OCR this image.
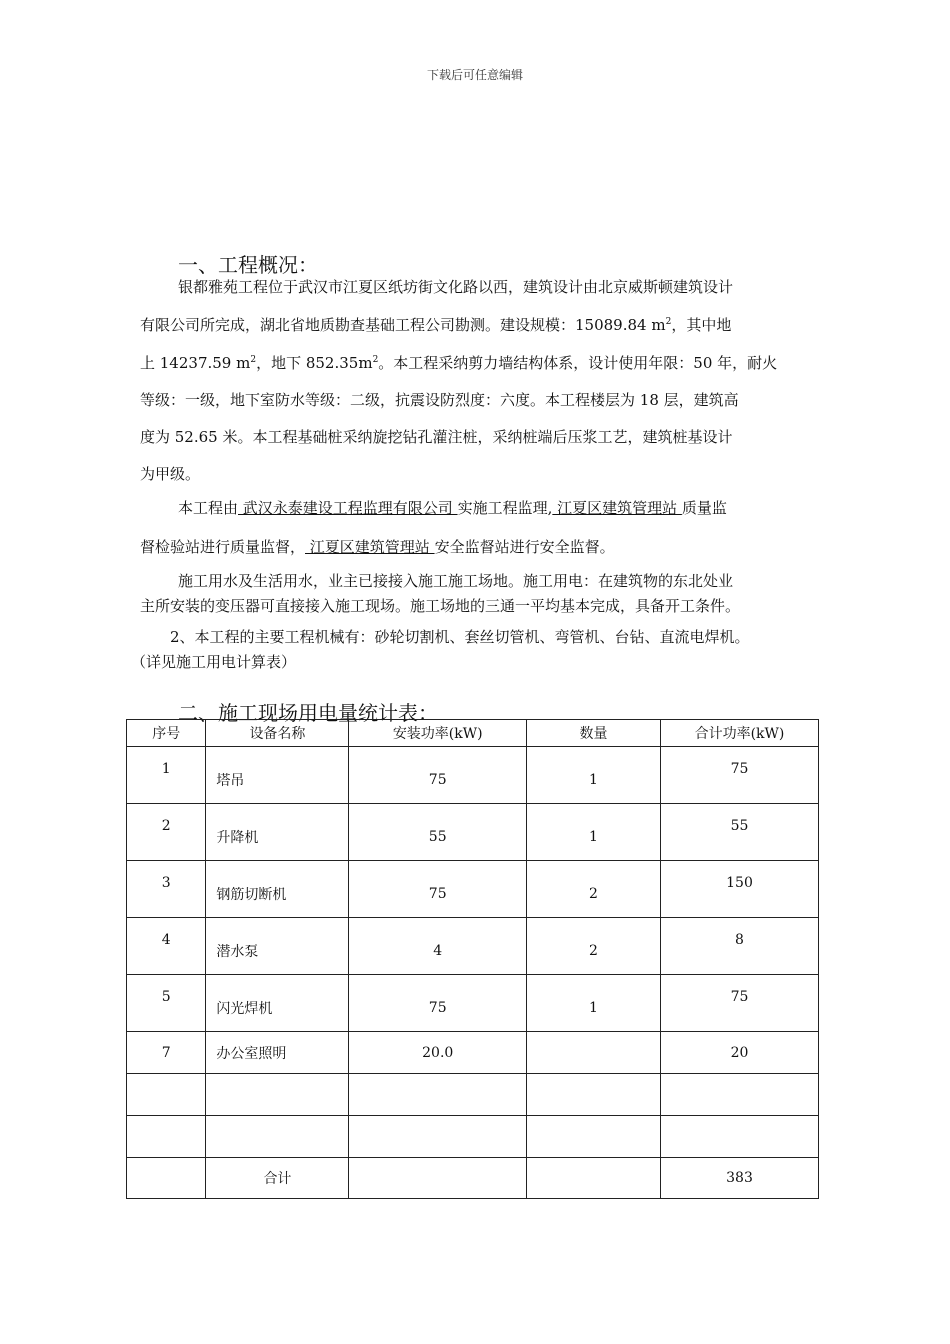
下载后可任意编辑
一、工程概况：
银都雅苑工程位于武汉市江夏区纸坊街文化路以西，建筑设计由北京威斯顿建筑设计
有限公司所完成，湖北省地质勘查基础工程公司勘测。建设规模：15089.84 $m^2$，其中地
上 14237.59 $m^2$，地下 $852.35m^2$。本工程采纳剪力墙结构体系，设计使用年限：50 年，耐火
等级：一级，地下室防水等级：二级，抗震设防烈度：六度。本工程楼层为 18 层，建筑高
度为 52.65 米。本工程基础桩采纳旋挖钻孔灌注桩，采纳桩端后压浆工艺，建筑桩基设计
为甲级。
本工程由 武汉永泰建设工程监理有限公司 实施工程监理, 江夏区建筑管理站 质量监
督检验站进行质量监督， 江夏区建筑管理站 安全监督站进行安全监督。
施工用水及生活用水，业主已接接入施工施工场地。施工用电：在建筑物的东北处业
主所安装的变压器可直接接入施工现场。施工场地的三通一平均基本完成，具备开工条件。
2、本工程的主要工程机械有：砂轮切割机、套丝切管机、弯管机、台钻、直流电焊机。
（详见施工用电计算表）
二、施工现场用电量统计表：
序号	设备名称	安装功率(kW)	数量	合计功率(kW)
1	塔吊	75	1	75
2	升降机	55	1	55
3	钢筋切断机	75	2	150
4	潜水泵	4	2	8
5	闪光焊机	75	1	75
7	办公室照明	20.0		20

	合计			383
